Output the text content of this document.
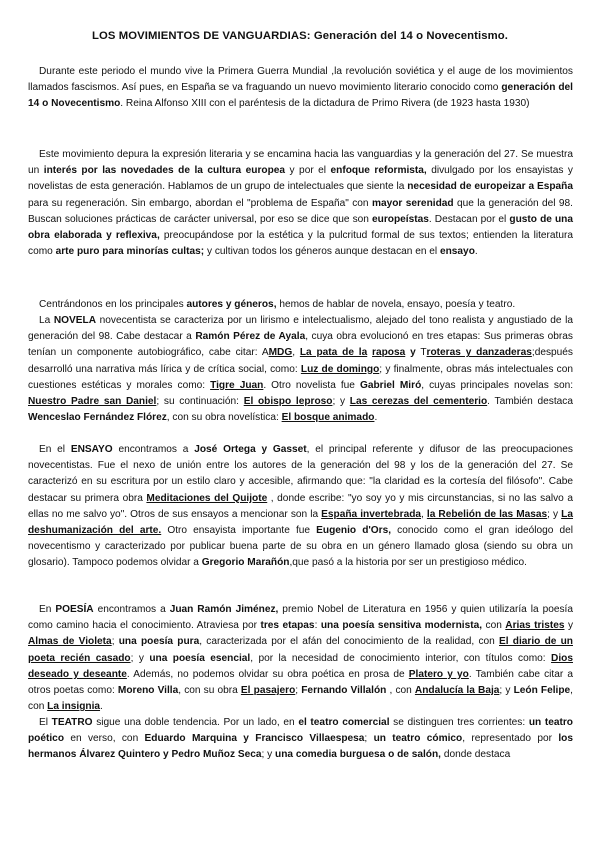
LOS MOVIMIENTOS DE VANGUARDIAS: Generación del 14 o Novecentismo.

Durante este periodo el mundo vive la Primera Guerra Mundial ,la revolución soviética y el auge de los movimientos llamados fascismos. Así pues, en España se va fraguando un nuevo movimiento literario conocido como generación del 14 o Novecentismo. Reina Alfonso XIII con el paréntesis de la dictadura de Primo Rivera (de 1923 hasta 1930)

Este movimiento depura la expresión literaria y se encamina hacia las vanguardias y la generación del 27. Se muestra un interés por las novedades de la cultura europea y por el enfoque reformista, divulgado por los ensayistas y novelistas de esta generación. Hablamos de un grupo de intelectuales que siente la necesidad de europeizar a España para su regeneración. Sin embargo, abordan el "problema de España" con mayor serenidad que la generación del 98. Buscan soluciones prácticas de carácter universal, por eso se dice que son europeístas. Destacan por el gusto de una obra elaborada y reflexiva, preocupándose por la estética y la pulcritud formal de sus textos; entienden la literatura como arte puro para minorías cultas; y cultivan todos los géneros aunque destacan en el ensayo.

Centrándonos en los principales autores y géneros, hemos de hablar de novela, ensayo, poesía y teatro.

La NOVELA novecentista se caracteriza por un lirismo e intelectualismo, alejado del tono realista y angustiado de la generación del 98. Cabe destacar a Ramón Pérez de Ayala, cuya obra evolucionó en tres etapas: Sus primeras obras tenían un componente autobiográfico, cabe citar: AMDG, La pata de la raposa y Troteras y danzaderas;después desarrolló una narrativa más lírica y de crítica social, como: Luz de domingo; y finalmente, obras más intelectuales con cuestiones estéticas y morales como: Tigre Juan. Otro novelista fue Gabriel Miró, cuyas principales novelas son: Nuestro Padre san Daniel; su continuación: El obispo leproso; y Las cerezas del cementerio. También destaca Wenceslao Fernández Flórez, con su obra novelística: El bosque animado.

En el ENSAYO encontramos a José Ortega y Gasset, el principal referente y difusor de las preocupaciones novecentistas. Fue el nexo de unión entre los autores de la generación del 98 y los de la generación del 27. Se caracterizó en su escritura por un estilo claro y accesible, afirmando que: "la claridad es la cortesía del filósofo". Cabe destacar su primera obra Meditaciones del Quijote , donde escribe: "yo soy yo y mis circunstancias, si no las salvo a ellas no me salvo yo". Otros de sus ensayos a mencionar son la España invertebrada, la Rebelión de las Masas; y La deshumanización del arte. Otro ensayista importante fue Eugenio d'Ors, conocido como el gran ideólogo del novecentismo y caracterizado por publicar buena parte de su obra en un género llamado glosa (siendo su obra un glosario). Tampoco podemos olvidar a Gregorio Marañón,que pasó a la historia por ser un prestigioso médico.

En POESÍA encontramos a Juan Ramón Jiménez, premio Nobel de Literatura en 1956 y quien utilizaría la poesía como camino hacia el conocimiento. Atraviesa por tres etapas: una poesía sensitiva modernista, con Arias tristes y Almas de Violeta; una poesía pura, caracterizada por el afán del conocimiento de la realidad, con El diario de un poeta recién casado; y una poesía esencial, por la necesidad de conocimiento interior, con títulos como: Dios deseado y deseante. Además, no podemos olvidar su obra poética en prosa de Platero y yo. También cabe citar a otros poetas como: Moreno Villa, con su obra El pasajero; Fernando Villalón , con Andalucía la Baja; y León Felipe, con La insignia.

El TEATRO sigue una doble tendencia. Por un lado, en el teatro comercial se distinguen tres corrientes: un teatro poético en verso, con Eduardo Marquina y Francisco Villaespesa; un teatro cómico, representado por los hermanos Álvarez Quintero y Pedro Muñoz Seca; y una comedia burguesa o de salón, donde destaca
